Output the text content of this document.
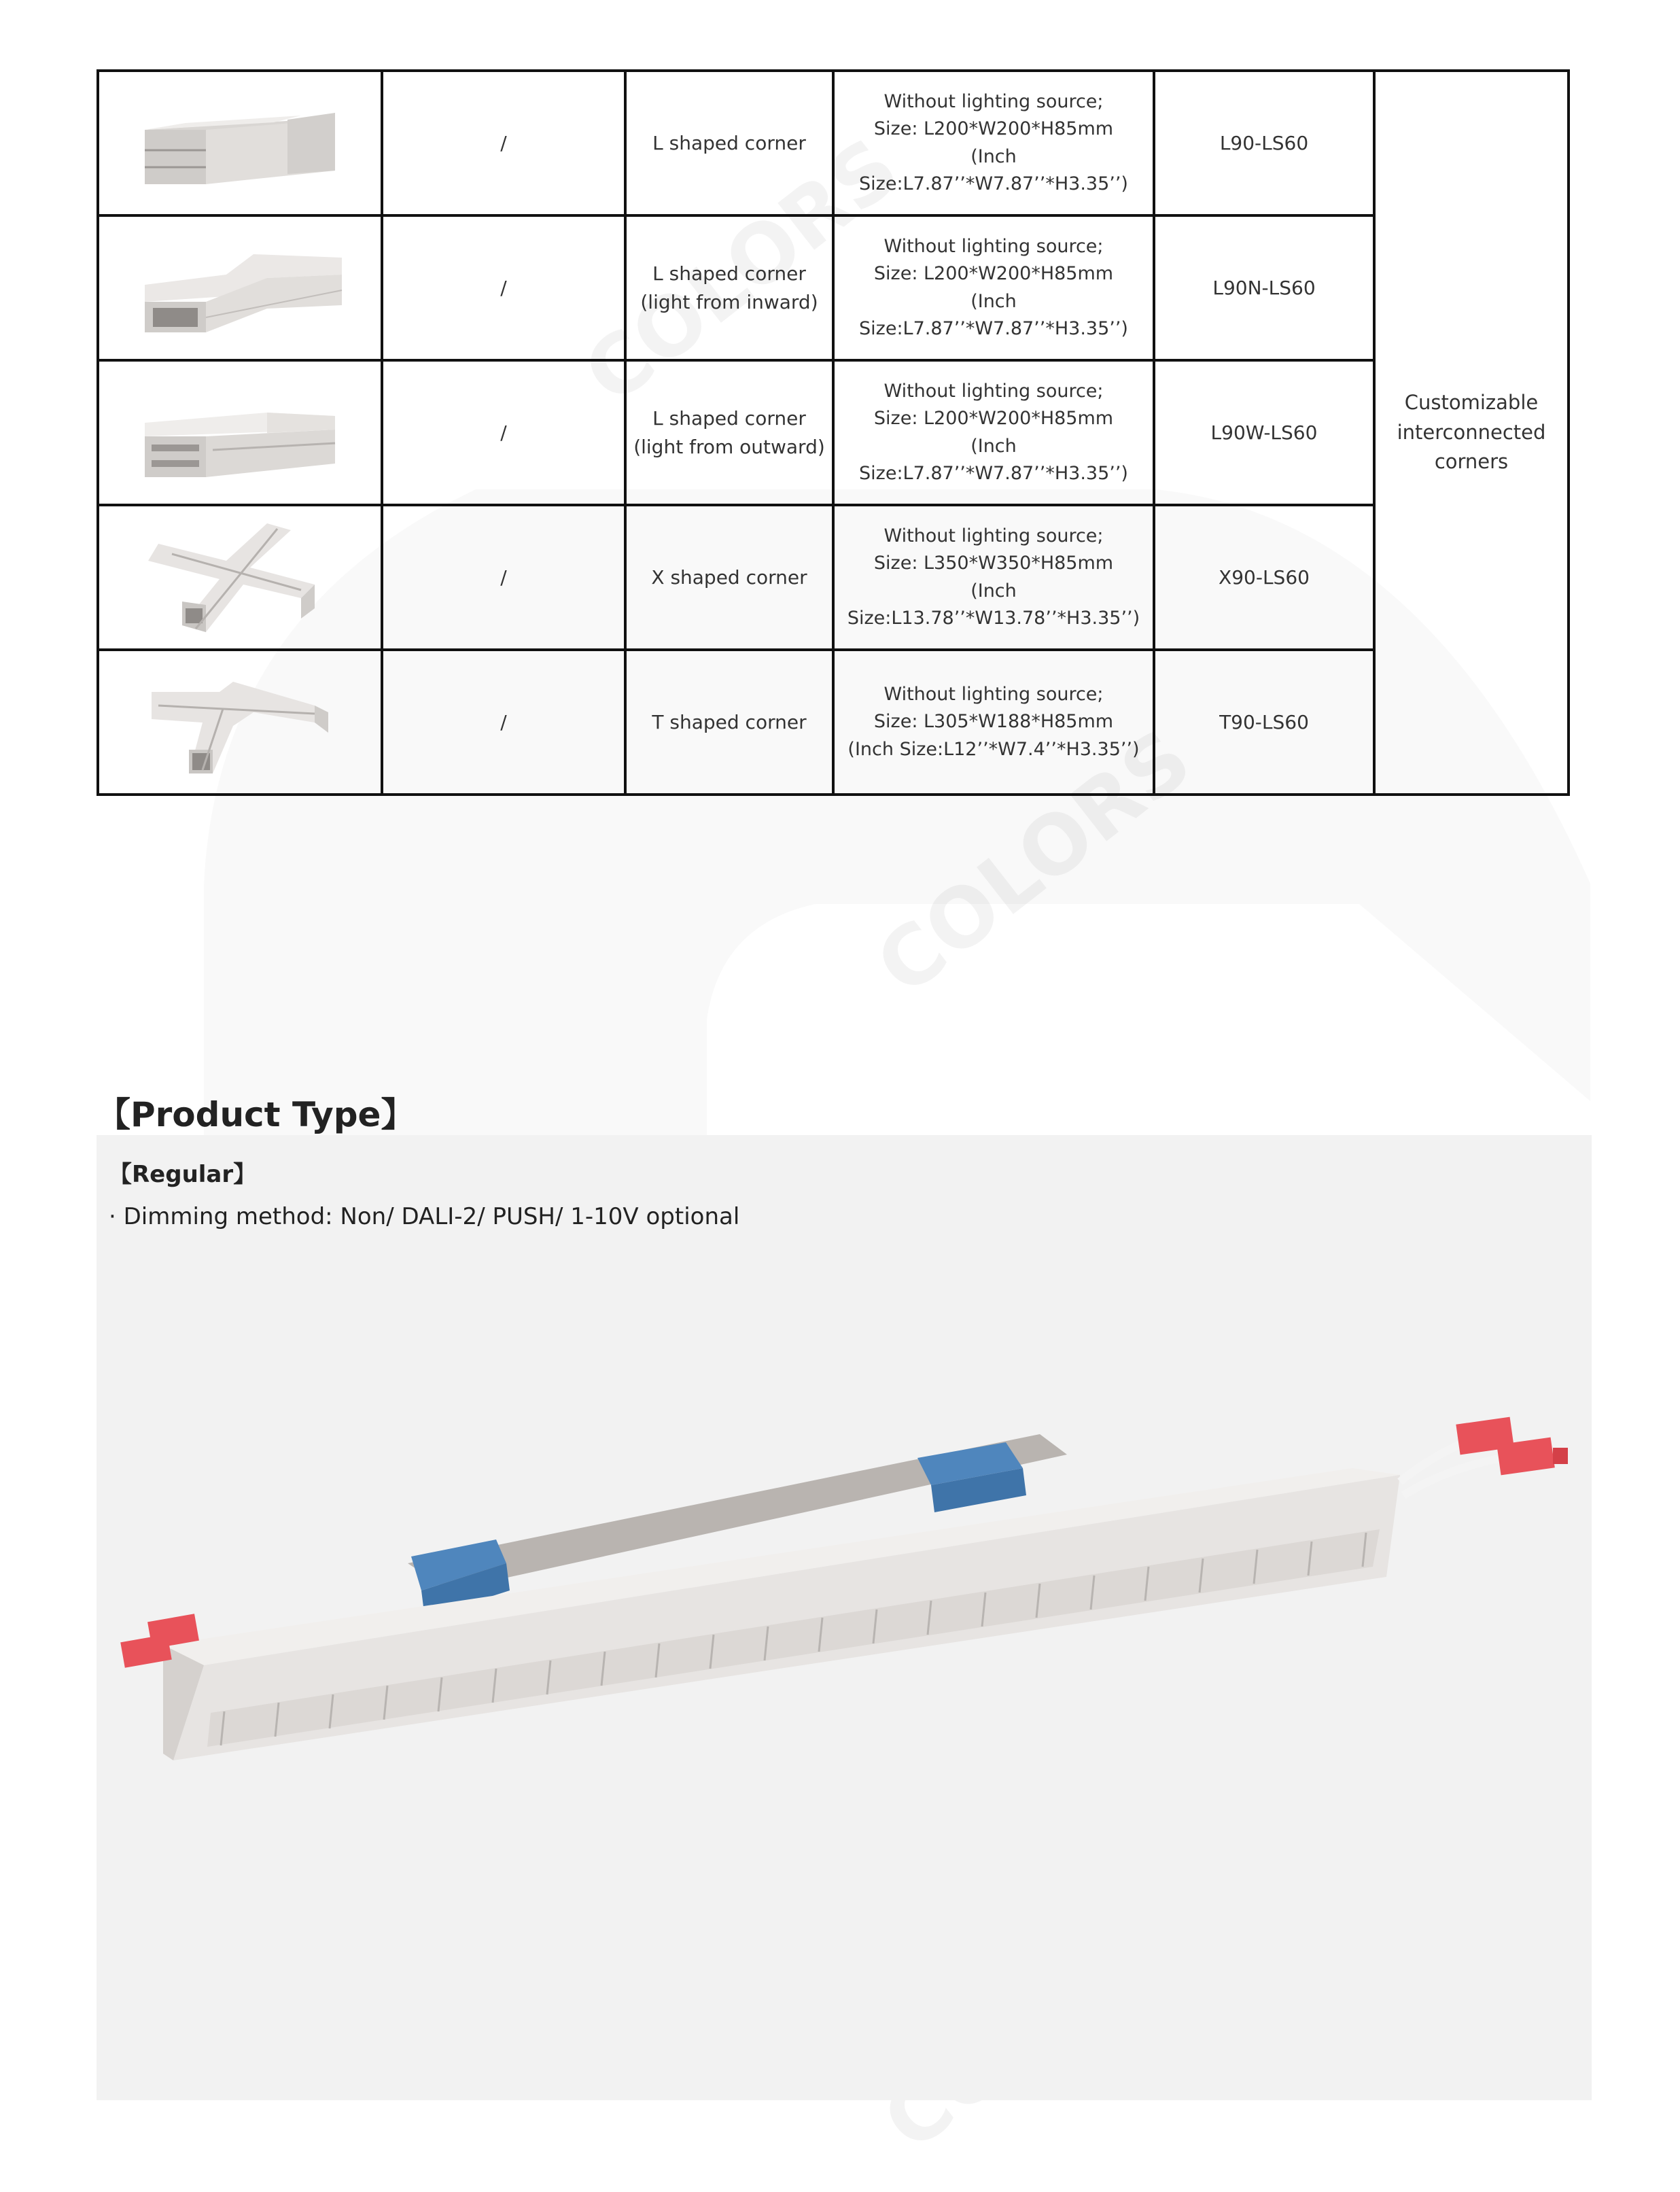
	/	L shaped corner	Without lighting source;
Size: L200*W200*H85mm
(Inch Size:L7.87’’*W7.87’’*H3.35’’)	L90-LS60	Customizable
interconnected
corners

	/	L shaped corner
(light from inward)	Without lighting source;
Size: L200*W200*H85mm
(Inch Size:L7.87’’*W7.87’’*H3.35’’)	L90N-LS60	

	/	L shaped corner
(light from outward)	Without lighting source;
Size: L200*W200*H85mm
(Inch Size:L7.87’’*W7.87’’*H3.35’’)	L90W-LS60	

	/	X shaped corner	Without lighting source;
Size: L350*W350*H85mm
(Inch Size:L13.78’’*W13.78’’*H3.35’’)	X90-LS60	

	/	T shaped corner	Without lighting source;
Size: L305*W188*H85mm
(Inch Size:L12’’*W7.4’’*H3.35’’)	T90-LS60	
【Product Type】
【Regular】

· Dimming method: Non/ DALI-2/ PUSH/ 1-10V optional
